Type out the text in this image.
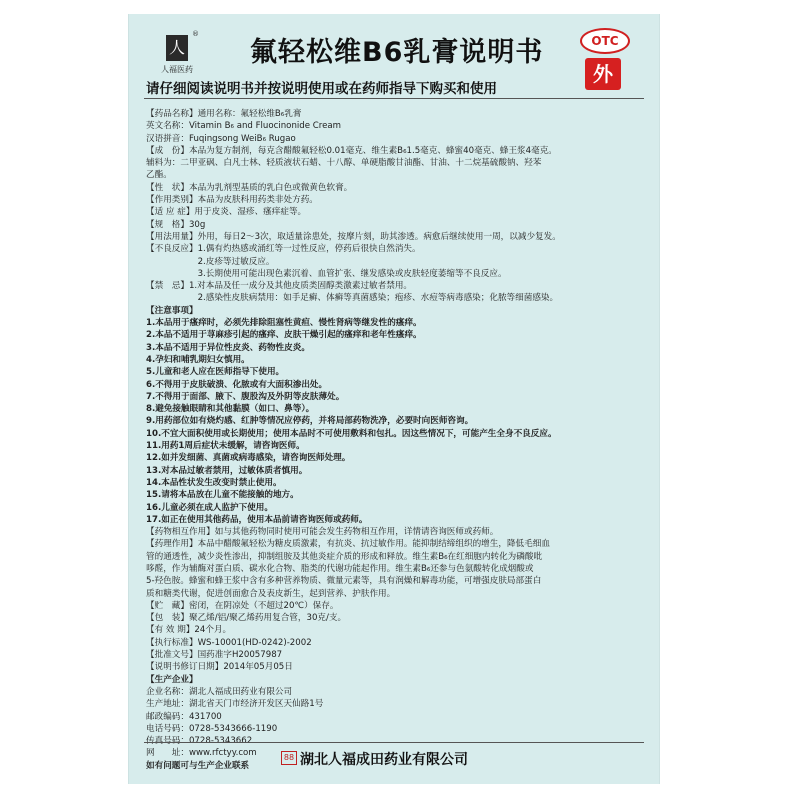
人
®
人福医药
氟轻松维B6乳膏说明书	OTC
外
请仔细阅读说明书并按说明使用或在药师指导下购买和使用
【药品名称】通用名称：氟轻松维B₆乳膏
英文名称：Vitamin B₆ and Fluocinonide Cream
汉语拼音：Fuqingsong WeiB₆ Rugao
【成　份】本品为复方制剂，每克含醋酸氟轻松0.01毫克、维生素B₆1.5毫克、蜂蜜40毫克、蜂王浆4毫克。
辅料为：二甲亚砜、白凡士林、轻质液状石蜡、十八醇、单硬脂酸甘油酯、甘油、十二烷基硫酸钠、羟苯
乙酯。
【性　状】本品为乳剂型基质的乳白色或微黄色软膏。
【作用类别】本品为皮肤科用药类非处方药。
【适 应 症】用于皮炎、湿疹、瘙痒症等。
【规　格】30g
【用法用量】外用，每日2～3次，取适量涂患处，按摩片刻，助其渗透。病愈后继续使用一周，以减少复发。
【不良反应】1.偶有灼热感或涌红等一过性反应，停药后很快自然消失。
　　　　　　2.皮疹等过敏反应。
　　　　　　3.长期使用可能出现色素沉着、血管扩张、继发感染或皮肤轻度萎缩等不良反应。
【禁　忌】1.对本品及任一成分及其他皮质类固醇类激素过敏者禁用。
　　　　　　2.感染性皮肤病禁用：如手足癣、体癣等真菌感染；疱疹、水痘等病毒感染；化脓等细菌感染。
【注意事项】
1.本品用于瘙痒时，必须先排除阻塞性黄疸、慢性肾病等继发性的瘙痒。
2.本品不适用于荨麻疹引起的瘙痒、皮肤干燥引起的瘙痒和老年性瘙痒。
3.本品不适用于异位性皮炎、药物性皮炎。
4.孕妇和哺乳期妇女慎用。
5.儿童和老人应在医师指导下使用。
6.不得用于皮肤破溃、化脓或有大面积渗出处。
7.不得用于面部、腋下、腹股沟及外阴等皮肤薄处。
8.避免接触眼睛和其他黏膜（如口、鼻等）。
9.用药部位如有烧灼感、红肿等情况应停药，并将局部药物洗净，必要时向医师咨询。
10.不宜大面积使用或长期使用；使用本品时不可使用敷料和包扎。因这些情况下，可能产生全身不良反应。
11.用药1周后症状未缓解，请咨询医师。
12.如并发细菌、真菌或病毒感染，请咨询医师处理。
13.对本品过敏者禁用，过敏体质者慎用。
14.本品性状发生改变时禁止使用。
15.请将本品放在儿童不能接触的地方。
16.儿童必须在成人监护下使用。
17.如正在使用其他药品，使用本品前请咨询医师或药师。
【药物相互作用】如与其他药物同时使用可能会发生药物相互作用，详情请咨询医师或药师。
【药理作用】本品中醋酸氟轻松为糖皮质激素，有抗炎、抗过敏作用。能抑制结缔组织的增生，降低毛细血
管的通透性，减少炎性渗出，抑制组胺及其他炎症介质的形成和释放。维生素B₆在红细胞内转化为磷酸吡
哆醛，作为辅酶对蛋白质、碳水化合物、脂类的代谢功能起作用。维生素B₆还参与色氨酸转化成烟酸或
5-羟色胺。蜂蜜和蜂王浆中含有多种营养物质、微量元素等，具有润燥和解毒功能，可增强皮肤局部蛋白
质和糖类代谢，促进创面愈合及表皮新生，起到营养、护肤作用。
【贮　藏】密闭，在阴凉处（不超过20℃）保存。
【包　装】聚乙烯/铝/聚乙烯药用复合管，30克/支。
【有 效 期】24个月。
【执行标准】WS-10001(HD-0242)-2002
【批准文号】国药准字H20057987
【说明书修订日期】2014年05月05日
【生产企业】
企业名称：湖北人福成田药业有限公司
生产地址：湖北省天门市经济开发区天仙路1号
邮政编码：431700
电话号码：0728-5343666-1190
传真号码：0728-5343662
网　　址：www.rfctyy.com
如有问题可与生产企业联系
88 湖北人福成田药业有限公司
